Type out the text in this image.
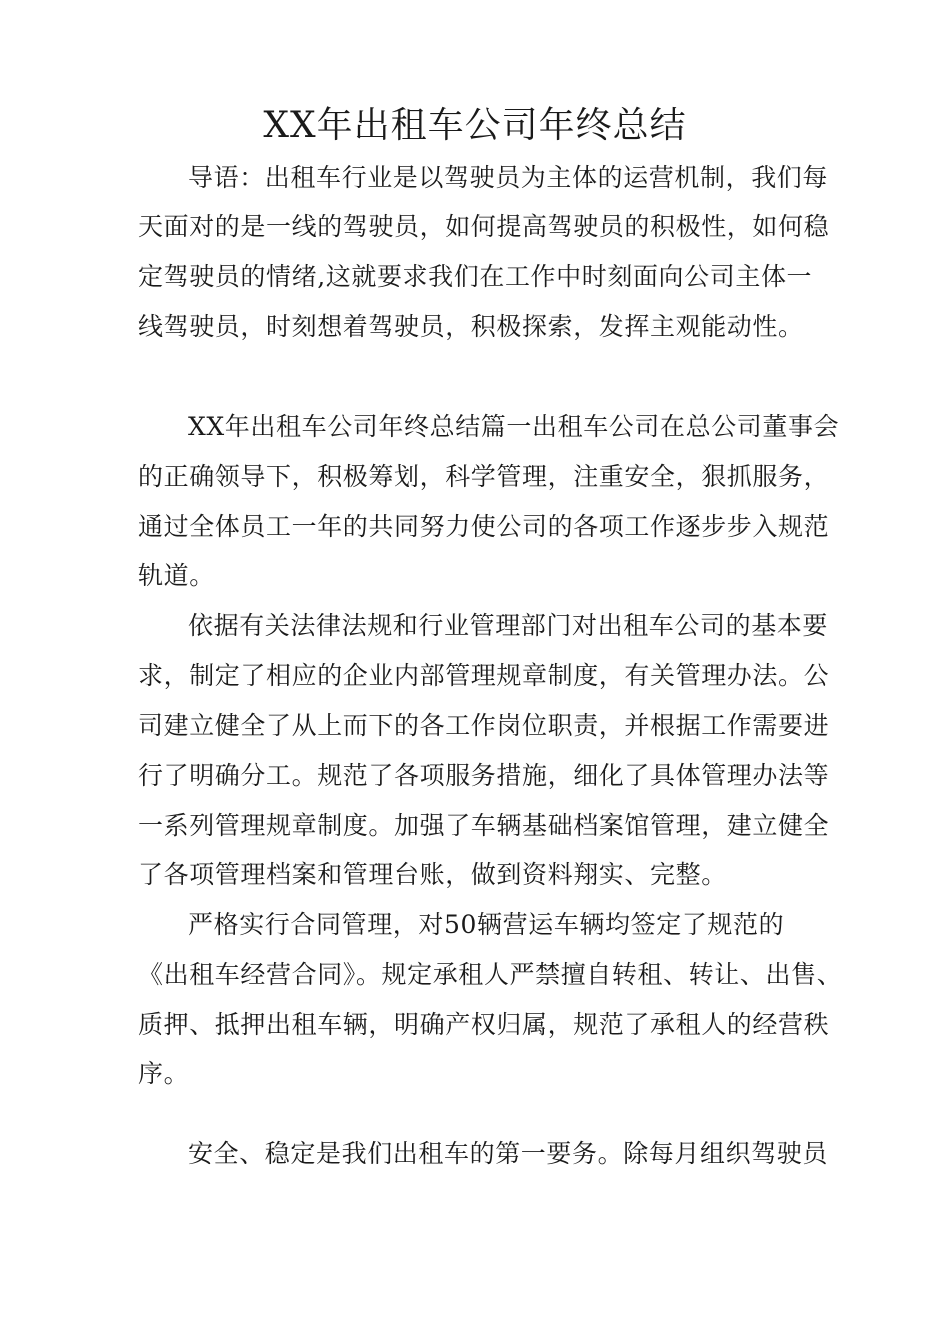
XX年出租车公司年终总结
导语：出租车行业是以驾驶员为主体的运营机制，我们每
天面对的是一线的驾驶员，如何提高驾驶员的积极性，如何稳
定驾驶员的情绪,这就要求我们在工作中时刻面向公司主体一
线驾驶员，时刻想着驾驶员，积极探索，发挥主观能动性。
XX年出租车公司年终总结篇一出租车公司在总公司董事会
的正确领导下，积极筹划，科学管理，注重安全，狠抓服务，
通过全体员工一年的共同努力使公司的各项工作逐步步入规范
轨道。
依据有关法律法规和行业管理部门对出租车公司的基本要
求，制定了相应的企业内部管理规章制度，有关管理办法。公
司建立健全了从上而下的各工作岗位职责，并根据工作需要进
行了明确分工。规范了各项服务措施，细化了具体管理办法等
一系列管理规章制度。加强了车辆基础档案馆管理，建立健全
了各项管理档案和管理台账，做到资料翔实、完整。
严格实行合同管理，对50辆营运车辆均签定了规范的
《出租车经营合同》。规定承租人严禁擅自转租、转让、出售、
质押、抵押出租车辆，明确产权归属，规范了承租人的经营秩
序。
安全、稳定是我们出租车的第一要务。除每月组织驾驶员
